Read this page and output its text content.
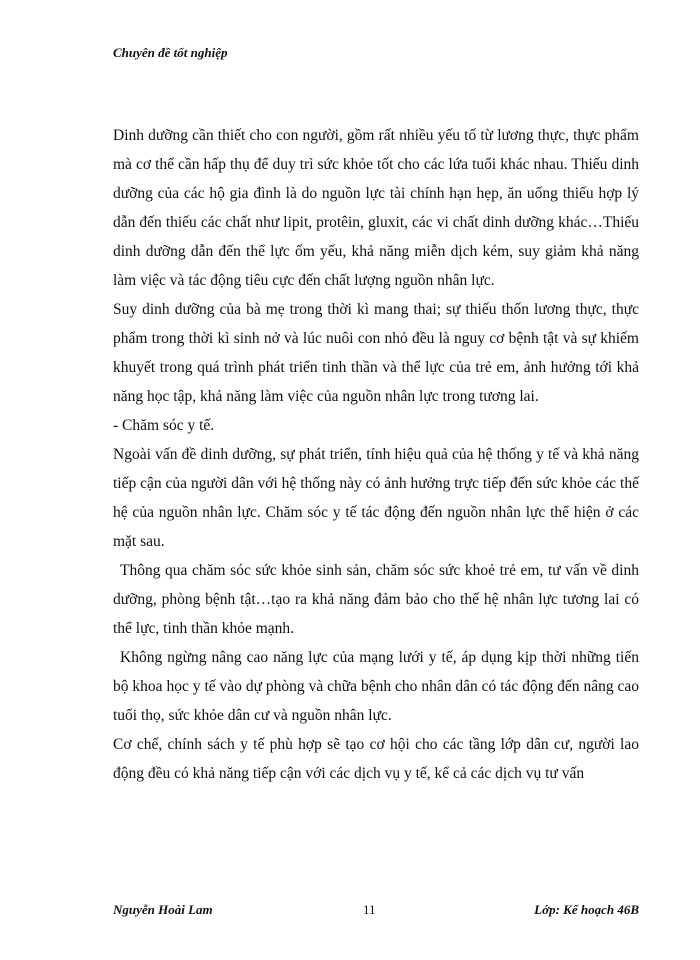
Chuyên đề tốt nghiệp

Dinh dưỡng cần thiết cho con người, gồm rất nhiều yếu tố từ lương thực, thực phẩm mà cơ thể cần hấp thụ để duy trì sức khỏe tốt cho các lứa tuổi khác nhau. Thiếu dinh dưỡng của các hộ gia đình là do nguồn lực tài chính hạn hẹp, ăn uống thiếu hợp lý dẫn đến thiếu các chất như lipit, protêin, gluxit, các vi chất dinh dưỡng khác…Thiếu dinh dưỡng dẫn đến thể lực ốm yếu, khả năng miễn dịch kém, suy giảm khả năng làm việc và tác động tiêu cực đến chất lượng nguồn nhân lực.

Suy dinh dưỡng của bà mẹ trong thời kì mang thai; sự thiếu thốn lương thực, thực phẩm trong thời kì sinh nở và lúc nuôi con nhỏ đều là nguy cơ bệnh tật và sự khiếm khuyết trong quá trình phát triển tinh thần và thể lực của trẻ em, ảnh hưởng tới khả năng học tập, khả năng làm việc của nguồn nhân lực trong tương lai.

- Chăm sóc y tế.

Ngoài vấn đề dinh dưỡng, sự phát triển, tính hiệu quả của hệ thống y tế và khả năng tiếp cận của người dân với hệ thống này có ảnh hưởng trực tiếp đến sức khỏe các thế hệ của nguồn nhân lực. Chăm sóc y tế tác động đến nguồn nhân lực thể hiện ở các mặt sau.

Thông qua chăm sóc sức khỏe sinh sản, chăm sóc sức khoẻ trẻ em, tư vấn về dinh dưỡng, phòng bệnh tật…tạo ra khả năng đảm bảo cho thế hệ nhân lực tương lai có thể lực, tinh thần khỏe mạnh.

Không ngừng nâng cao năng lực của mạng lưới y tế, áp dụng kịp thời những tiến bộ khoa học y tế vào dự phòng và chữa bệnh cho nhân dân có tác động đến nâng cao tuổi thọ, sức khỏe dân cư và nguồn nhân lực.

Cơ chế, chính sách y tế phù hợp sẽ tạo cơ hội cho các tầng lớp dân cư, người lao động đều có khả năng tiếp cận với các dịch vụ y tế, kể cả các dịch vụ tư vấn

Nguyễn Hoài Lam	11	Lớp: Kế hoạch 46B
